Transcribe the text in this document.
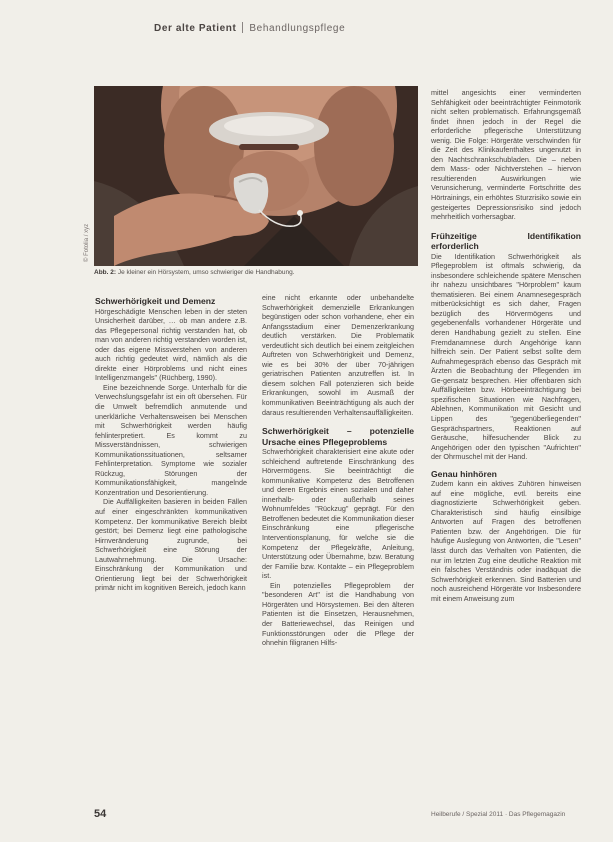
Der alte Patient Behandlungspflege
© Fotolia / xyz
Abb. 2: Je kleiner ein Hörsystem, umso schwieriger die Handhabung.
Schwerhörigkeit und Demenz

Hörgeschädigte Menschen leben in der steten Unsicherheit darüber, … ob man andere z.B. das Pflegepersonal richtig verstanden hat, ob man von anderen richtig verstanden worden ist, oder das eigene Missverstehen von anderen auch richtig gedeutet wird, nämlich als die direkte einer Hörproblems und nicht eines Intelligenzmangels" (Rüchberg, 1990).

Eine bezeichnende Sorge. Unterhalb für die Verwechslungsgefahr ist ein oft übersehen. Für die Umwelt befremdlich anmutende und unerklärliche Verhaltensweisen bei Menschen mit Schwerhörigkeit werden häufig fehlinterpretiert. Es kommt zu Missverständnissen, schwierigen Kommunikationssituationen, seltsamer Fehlinterpretation. Symptome wie sozialer Rückzug, Störungen der Kommunikationsfähigkeit, mangelnde Konzentration und Desorientierung.

Die Auffälligkeiten basieren in beiden Fällen auf einer eingeschränkten kommunikativen Kompetenz. Der kommunikative Bereich bleibt gestört; bei Demenz liegt eine pathologische Hirnveränderung zugrunde, bei Schwerhörigkeit eine Störung der Lautwahrnehmung. Die Ursache: Einschränkung der Kommunikation und Orientierung liegt bei der Schwerhörigkeit primär nicht im kognitiven Bereich, jedoch kann

eine nicht erkannte oder unbehandelte Schwerhörigkeit demenzielle Erkrankungen begünstigen oder schon vorhandene, eher ein Anfangsstadium einer Demenzerkrankung deutlich verstärken. Die Problematik verdeutlicht sich deutlich bei einem zeitgleichen Auftreten von Schwerhörigkeit und Demenz, wie es bei 30% der über 70-jährigen geriatrischen Patienten anzutreffen ist. In diesem solchen Fall potenzieren sich beide Erkrankungen, sowohl im Ausmaß der kommunikativen Beeinträchtigung als auch der daraus resultierenden Verhaltensauffälligkeiten.

Schwerhörigkeit – potenzielle Ursache eines Pflegeproblems

Schwerhörigkeit charakterisiert eine akute oder schleichend auftretende Einschränkung des Hörvermögens. Sie beeinträchtigt die kommunikative Kompetenz des Betroffenen und deren Ergebnis einen sozialen und daher innerhalb- oder außerhalb seines Wohnumfeldes "Rückzug" geprägt. Für den Betroffenen bedeutet die Kommunikation dieser Einschränkung eine pflegerische Interventionsplanung, für welche sie die Kompetenz der Pflegekräfte, Anleitung, Unterstützung oder Übernahme, bzw. Beratung der Familie bzw. Kontakte – ein Pflegeproblem ist.

Ein potenzielles Pflegeproblem der "besonderen Art" ist die Handhabung von Hörgeräten und Hörsystemen. Bei den älteren Patienten ist die Einsetzen, Herausnehmen, der Batteriewechsel, das Reinigen und Funktionsstörungen oder die Pflege der ohnehin filigranen Hilfs-

mittel angesichts einer verminderten Sehfähigkeit oder beeinträchtigter Feinmotorik nicht selten problematisch. Erfahrungsgemäß findet ihnen jedoch in der Regel die erforderliche pflegerische Unterstützung wenig. Die Folge: Hörgeräte verschwinden für die Zeit des Klinikaufenthaltes ungenutzt in den Nachtschrankschubladen. Die – neben dem Mass- oder Nichtverstehen – hiervon resultierenden Auswirkungen wie Verunsicherung, verminderte Fortschritte des Hörtrainings, ein erhöhtes Sturzrisiko sowie ein gesteigertes Depressionsrisiko sind jedoch mehrheitlich vorhersagbar.

Frühzeitige Identifikation erforderlich

Die Identifikation Schwerhörigkeit als Pflegeproblem ist oftmals schwierig, da insbesondere schleichende spätere Menschen ihr nahezu unsichtbares "Hörproblem" kaum thematisieren. Bei einem Anamnesegespräch mitberücksichtigt es sich daher, Fragen bezüglich des Hörvermögens und gegebenenfalls vorhandener Hörgeräte und deren Handhabung gezielt zu stellen. Eine Fremdanamnese durch Angehörige kann hilfreich sein. Der Patient selbst sollte dem Aufnahmegespräch ebenso das Gespräch mit Ärzten die Beobachtung der Pflegenden im Ge-gensatz besprechen. Hier offenbaren sich Auffälligkeiten bzw. Hörbeeinträchtigung bei spezifischen Situationen wie Nachfragen, Ablehnen, Kommunikation mit Gesicht und Lippen des "gegenüberliegenden" Gesprächspartners, Reaktionen auf Geräusche, hilfesuchender Blick zu Angehörigen oder den typischen "Aufrichten" der Ohrmuschel mit der Hand.

Genau hinhören

Zudem kann ein aktives Zuhören hinweisen auf eine mögliche, evtl. bereits eine diagnostizierte Schwerhörigkeit geben. Charakteristisch sind häufig einsilbige Antworten auf Fragen des betroffenen Patienten bzw. der Angehörigen. Die für häufige Auslegung von Antworten, die "Lesen" lässt durch das Verhalten von Patienten, die nur im letzten Zug eine deutliche Reaktion mit ein falsches Verständnis oder inadäquat die Schwerhörigkeit erkennen. Sind Batterien und noch ausreichend Hörgeräte vor Insbesondere mit einem Anweisung zum

54	Heilberufe / Spezial 2011 · Das Pflegemagazin
